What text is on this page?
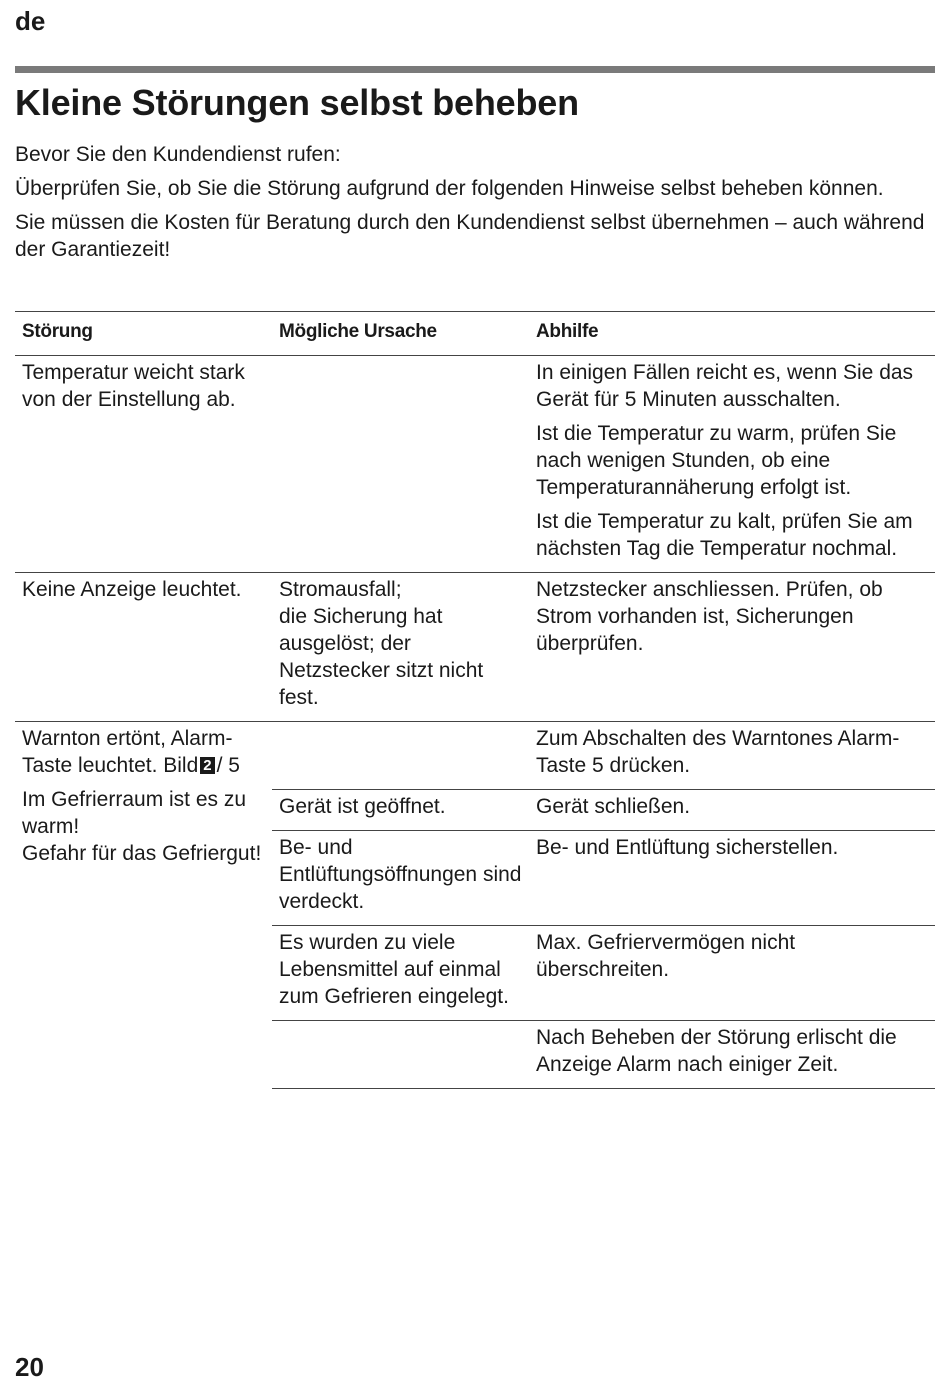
de
Kleine Störungen selbst beheben

Bevor Sie den Kundendienst rufen:

Überprüfen Sie, ob Sie die Störung aufgrund der folgenden Hinweise selbst beheben können.

Sie müssen die Kosten für Beratung durch den Kundendienst selbst übernehmen – auch während der Garantiezeit!

Störung	Mögliche Ursache	Abhilfe
Temperatur weicht stark von der Einstellung ab.		In einigen Fällen reicht es, wenn Sie das Gerät für 5 Minuten ausschalten.

Ist die Temperatur zu warm, prüfen Sie nach wenigen Stunden, ob eine Temperaturannäherung erfolgt ist.

Ist die Temperatur zu kalt, prüfen Sie am nächsten Tag die Temperatur nochmal.

Keine Anzeige leuchtet.	Stromausfall;
die Sicherung hat ausgelöst; der Netzstecker sitzt nicht fest.	Netzstecker anschliessen. Prüfen, ob Strom vorhanden ist, Sicherungen überprüfen.

Warnton ertönt, Alarm-Taste leuchtet. Bild 2 / 5

Im Gefrierraum ist es zu warm!

Gefahr für das Gefriergut!		Zum Abschalten des Warntones Alarm-Taste 5 drücken.
	Gerät ist geöffnet.	Gerät schließen.
	Be- und Entlüftungsöffnungen sind verdeckt.	Be- und Entlüftung sicherstellen.
	Es wurden zu viele Lebensmittel auf einmal zum Gefrieren eingelegt.	Max. Gefriervermögen nicht überschreiten.
		Nach Beheben der Störung erlischt die Anzeige Alarm nach einiger Zeit.
20
